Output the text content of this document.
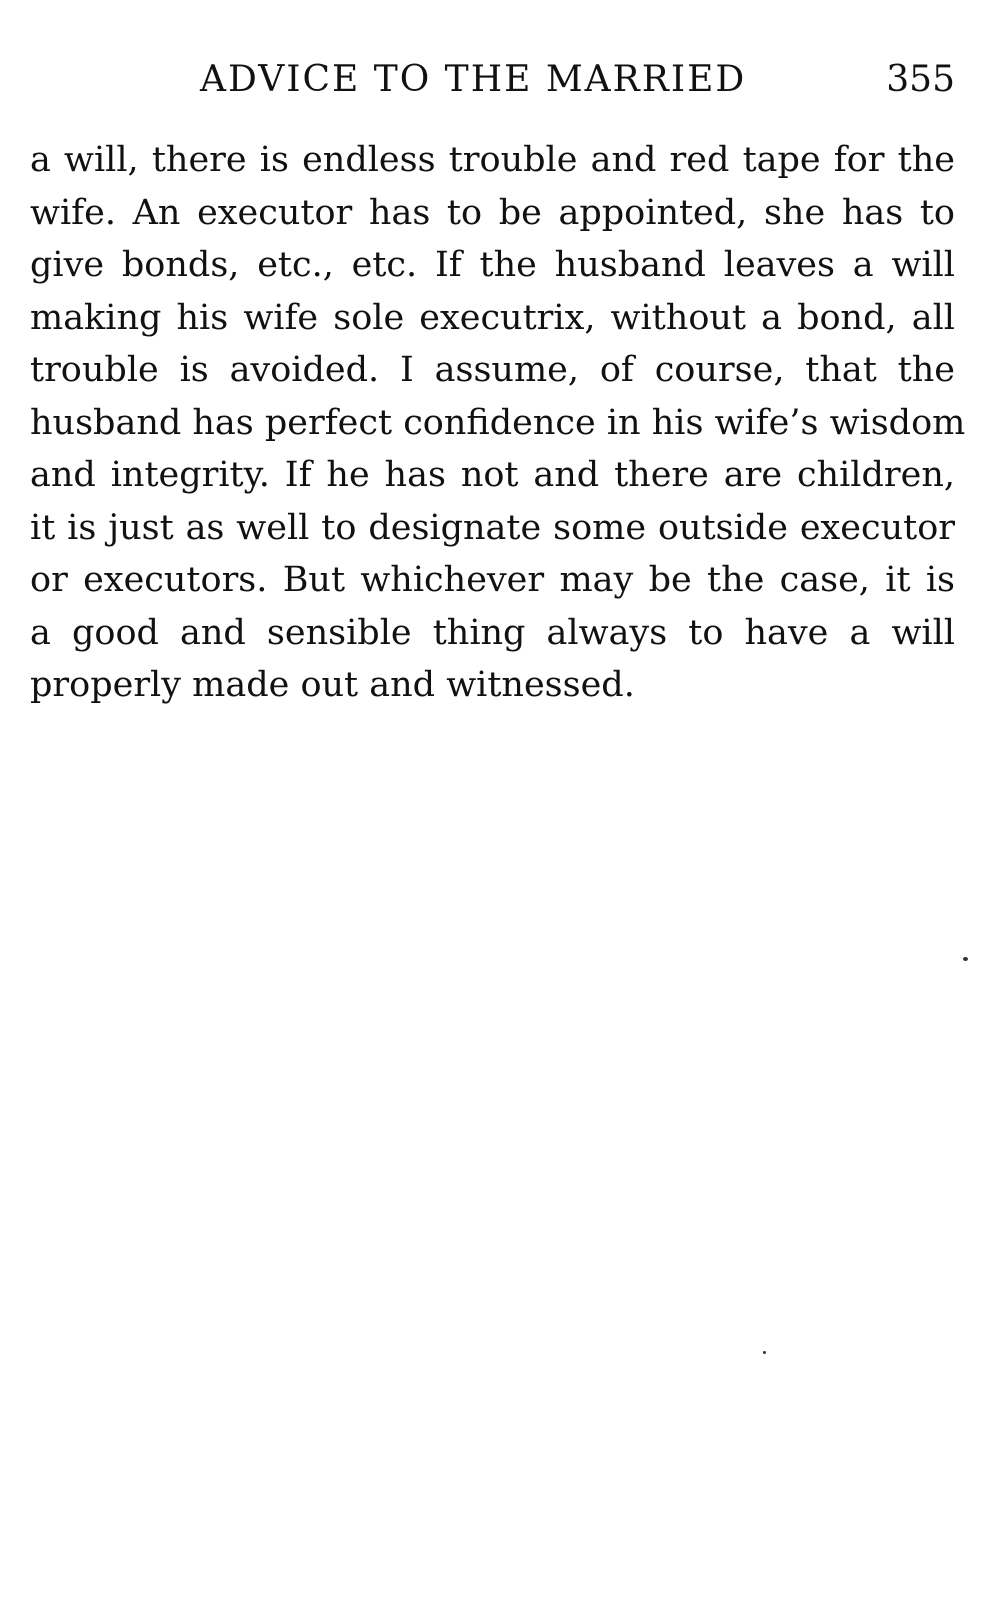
ADVICE TO THE MARRIED	355
a will, there is endless trouble and red tape for the
wife. An executor has to be appointed, she has to
give bonds, etc., etc. If the husband leaves a will
making his wife sole executrix, without a bond, all
trouble is avoided. I assume, of course, that the
husband has perfect confidence in his wife’s wisdom
and integrity. If he has not and there are children,
it is just as well to designate some outside executor
or executors. But whichever may be the case, it is
a good and sensible thing always to have a will
properly made out and witnessed.
